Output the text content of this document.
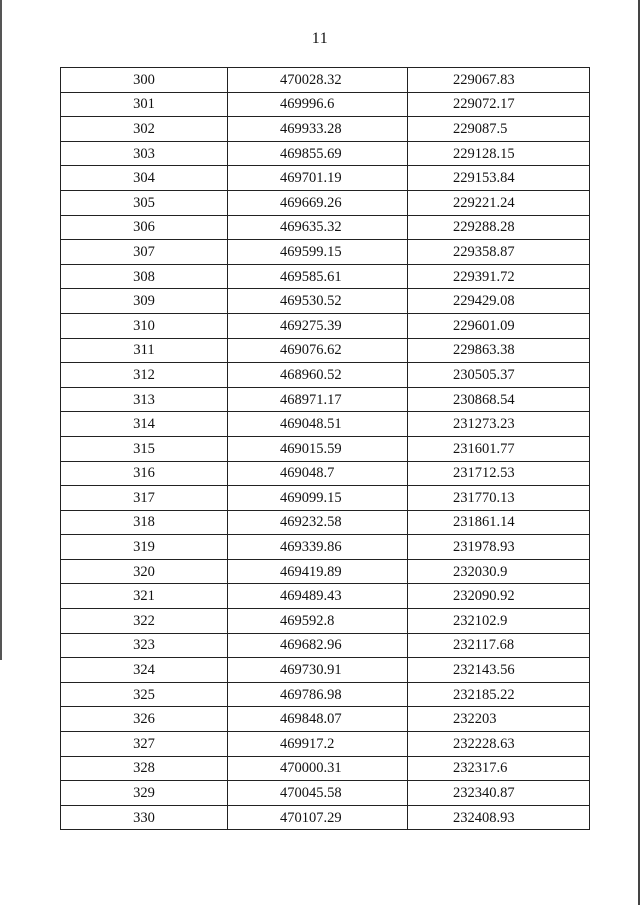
11
300	470028.32	229067.83
301	469996.6	229072.17
302	469933.28	229087.5
303	469855.69	229128.15
304	469701.19	229153.84
305	469669.26	229221.24
306	469635.32	229288.28
307	469599.15	229358.87
308	469585.61	229391.72
309	469530.52	229429.08
310	469275.39	229601.09
311	469076.62	229863.38
312	468960.52	230505.37
313	468971.17	230868.54
314	469048.51	231273.23
315	469015.59	231601.77
316	469048.7	231712.53
317	469099.15	231770.13
318	469232.58	231861.14
319	469339.86	231978.93
320	469419.89	232030.9
321	469489.43	232090.92
322	469592.8	232102.9
323	469682.96	232117.68
324	469730.91	232143.56
325	469786.98	232185.22
326	469848.07	232203
327	469917.2	232228.63
328	470000.31	232317.6
329	470045.58	232340.87
330	470107.29	232408.93
